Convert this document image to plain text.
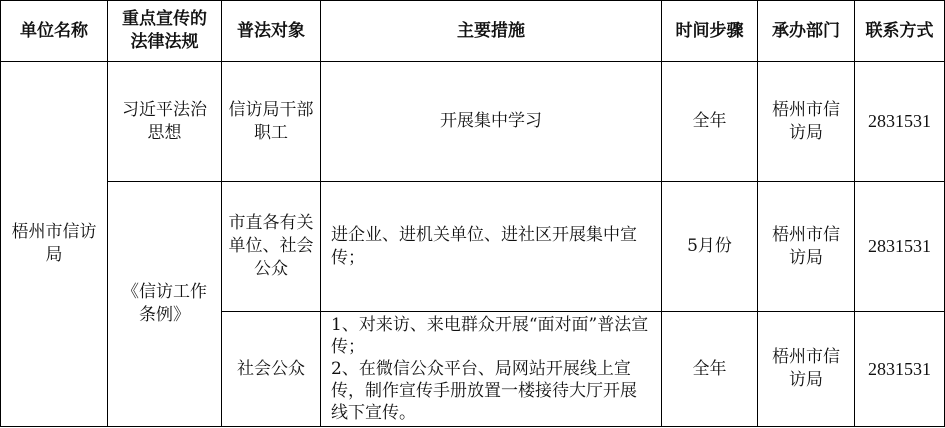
单位名称	重点宣传的法律法规	普法对象	主要措施	时间步骤	承办部门	联系方式
梧州市信访局	习近平法治思想	信访局干部职工	开展集中学习	全年	梧州市信访局	2831531
	《信访工作条例》	市直各有关单位、社会公众	进企业、进机关单位、进社区开展集中宣传；	5月份	梧州市信访局	2831531
		社会公众	1、对来访、来电群众开展“面对面”普法宣传；
2、在微信公众平台、局网站开展线上宣传，制作宣传手册放置一楼接待大厅开展线下宣传。	全年	梧州市信访局	2831531
